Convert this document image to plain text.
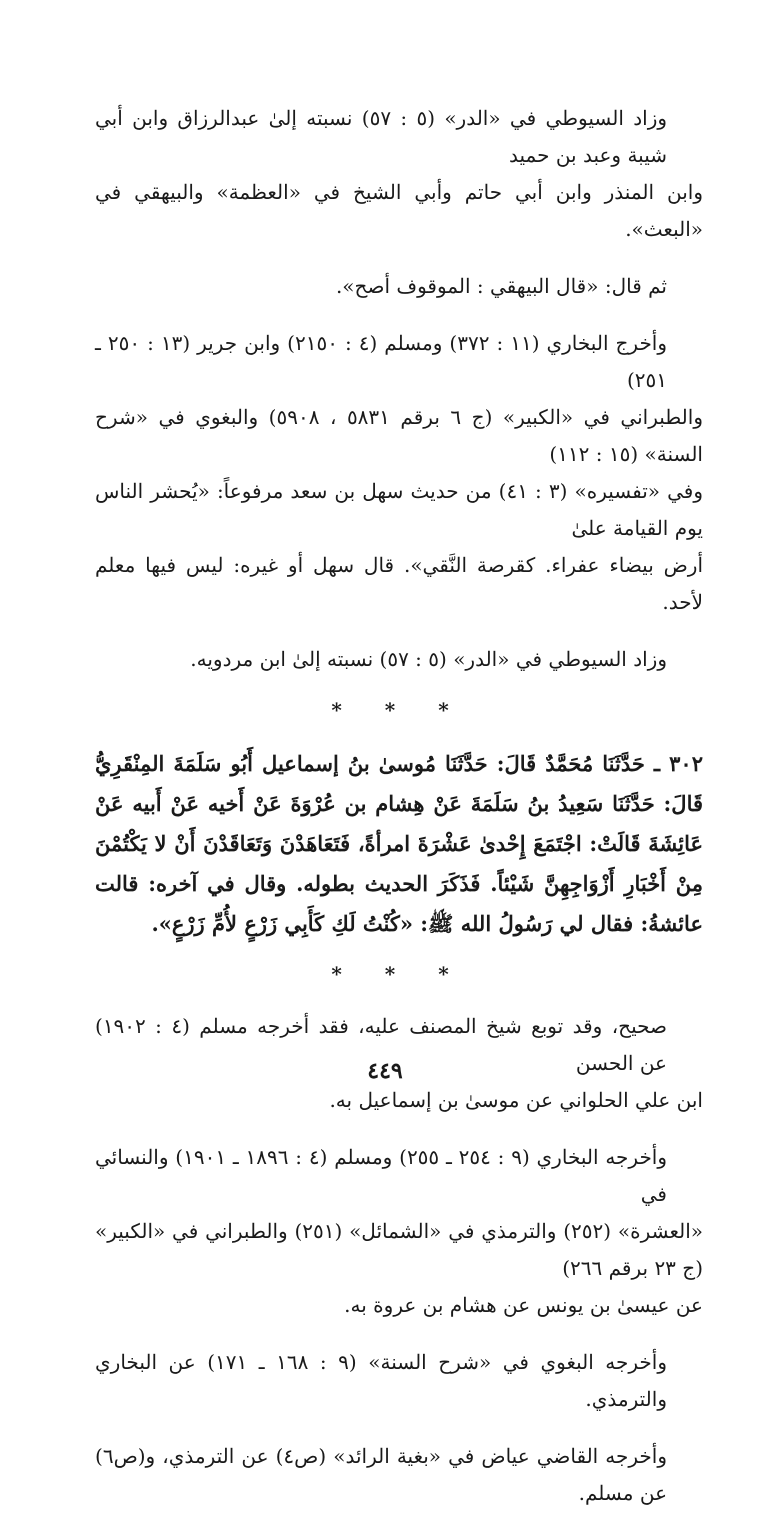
وزاد السيوطي في «الدر» (٥ : ٥٧) نسبته إلىٰ عبدالرزاق وابن أبي شيبة وعبد بن حميد
وابن المنذر وابن أبي حاتم وأبي الشيخ في «العظمة» والبيهقي في «البعث».

ثم قال: «قال البيهقي : الموقوف أصح».

وأخرج البخاري (١١ : ٣٧٢) ومسلم (٤ : ٢١٥٠) وابن جرير (١٣ : ٢٥٠ ـ ٢٥١)
والطبراني في «الكبير» (ج ٦ برقم ٥٨٣١ ، ٥٩٠٨) والبغوي في «شرح السنة» (١٥ : ١١٢)
وفي «تفسيره» (٣ : ٤١) من حديث سهل بن سعد مرفوعاً: «يُحشر الناس يوم القيامة علىٰ
أرض بيضاء عفراء. كقرصة النَّقي». قال سهل أو غيره: ليس فيها معلم لأحد.

وزاد السيوطي في «الدر» (٥ : ٥٧) نسبته إلىٰ ابن مردويه.

* * *

٣٠٢ ـ حَدَّثَنَا مُحَمَّدٌ قَالَ: حَدَّثَنَا مُوسىٰ بنُ إسماعيل أَبُو سَلَمَةَ المِنْقَرِيُّ قَالَ: حَدَّثَنَا سَعِيدُ بنُ سَلَمَةَ عَنْ هِشام بن عُرْوَةَ عَنْ أَخيه عَنْ أَبيه عَنْ عَائِشَةَ قَالَتْ: اجْتَمَعَ إِحْدىٰ عَشْرَةَ امرأةً، فَتَعَاهَدْنَ وَتَعَاقَدْنَ أَنْ لا يَكْتُمْنَ مِنْ أَخْبَارِ أَزْوَاجِهِنَّ شَيْئاً. فَذَكَرَ الحديث بطوله. وقال في آخره: قالت عائشةُ: فقال لي رَسُولُ الله ﷺ: «كُنْتُ لَكِ كَأَبِي زَرْعٍ لأُمِّ زَرْعٍ».

* * *

صحيح، وقد توبع شيخ المصنف عليه، فقد أخرجه مسلم (٤ : ١٩٠٢) عن الحسن
ابن علي الحلواني عن موسىٰ بن إسماعيل به.

وأخرجه البخاري (٩ : ٢٥٤ ـ ٢٥٥) ومسلم (٤ : ١٨٩٦ ـ ١٩٠١) والنسائي في
«العشرة» (٢٥٢) والترمذي في «الشمائل» (٢٥١) والطبراني في «الكبير» (ج ٢٣ برقم ٢٦٦)
عن عيسىٰ بن يونس عن هشام بن عروة به.

وأخرجه البغوي في «شرح السنة» (٩ : ١٦٨ ـ ١٧١) عن البخاري والترمذي.

وأخرجه القاضي عياض في «بغية الرائد» (ص٤) عن الترمذي، و(ص٦) عن مسلم.

٤٤٩
